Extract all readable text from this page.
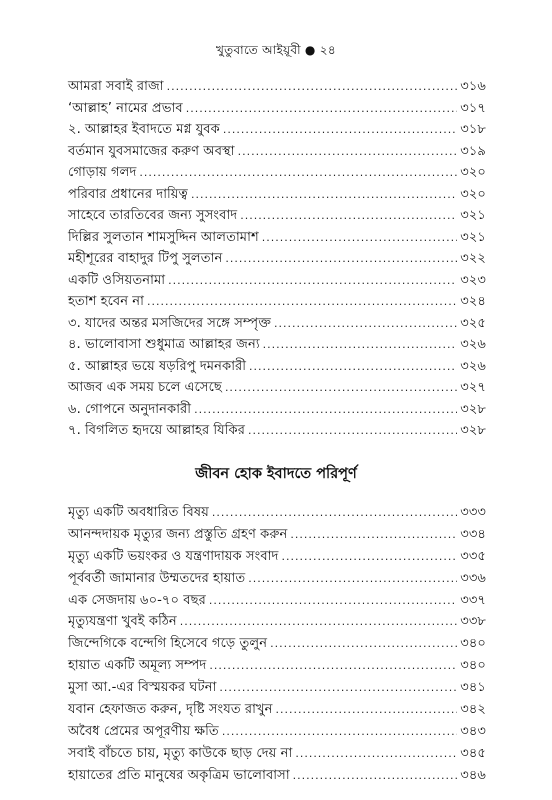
খুতুবাতে আইয়ূবী ● ২৪
আমরা সবাই রাজা .....	৩১৬
‘আল্লাহ’ নামের প্রভাব .....	৩১৭
২. আল্লাহর ইবাদতে মগ্ন যুবক .....	৩১৮
বর্তমান যুবসমাজের করুণ অবস্থা .....	৩১৯
গোড়ায় গলদ .....	৩২০
পরিবার প্রধানের দায়িত্ব .....	৩২০
সাহেবে তারতিবের জন্য সুসংবাদ .....	৩২১
দিল্লির সুলতান শামসুদ্দিন আলতামাশ .....	৩২১
মহীশূরের বাহাদুর টিপু সুলতান .....	৩২২
একটি ওসিয়তনামা .....	৩২৩
হতাশ হবেন না .....	৩২৪
৩. যাদের অন্তর মসজিদের সঙ্গে সম্পৃক্ত .....	৩২৫
৪. ভালোবাসা শুধুমাত্র আল্লাহর জন্য .....	৩২৬
৫. আল্লাহর ভয়ে ষড়রিপু দমনকারী .....	৩২৬
আজব এক সময় চলে এসেছে .....	৩২৭
৬. গোপনে অনুদানকারী .....	৩২৮
৭. বিগলিত হৃদয়ে আল্লাহর যিকির .....	৩২৮
জীবন হোক ইবাদতে পরিপূর্ণ
মৃত্যু একটি অবধারিত বিষয় .....	৩৩৩
আনন্দদায়ক মৃত্যুর জন্য প্রস্তুতি গ্রহণ করুন .....	৩৩৪
মৃত্যু একটি ভয়ংকর ও যন্ত্রণাদায়ক সংবাদ .....	৩৩৫
পূর্ববর্তী জামানার উম্মতদের হায়াত .....	৩৩৬
এক সেজদায় ৬০-৭০ বছর .....	৩৩৭
মৃত্যুযন্ত্রণা খুবই কঠিন .....	৩৩৮
জিন্দেগিকে বন্দেগি হিসেবে গড়ে তুলুন .....	৩৪০
হায়াত একটি অমূল্য সম্পদ .....	৩৪০
মুসা আ.-এর বিস্ময়কর ঘটনা .....	৩৪১
যবান হেফাজত করুন, দৃষ্টি সংযত রাখুন .....	৩৪২
অবৈধ প্রেমের অপূরণীয় ক্ষতি .....	৩৪৩
সবাই বাঁচতে চায়, মৃত্যু কাউকে ছাড় দেয় না .....	৩৪৫
হায়াতের প্রতি মানুষের অকৃত্রিম ভালোবাসা .....	৩৪৬
